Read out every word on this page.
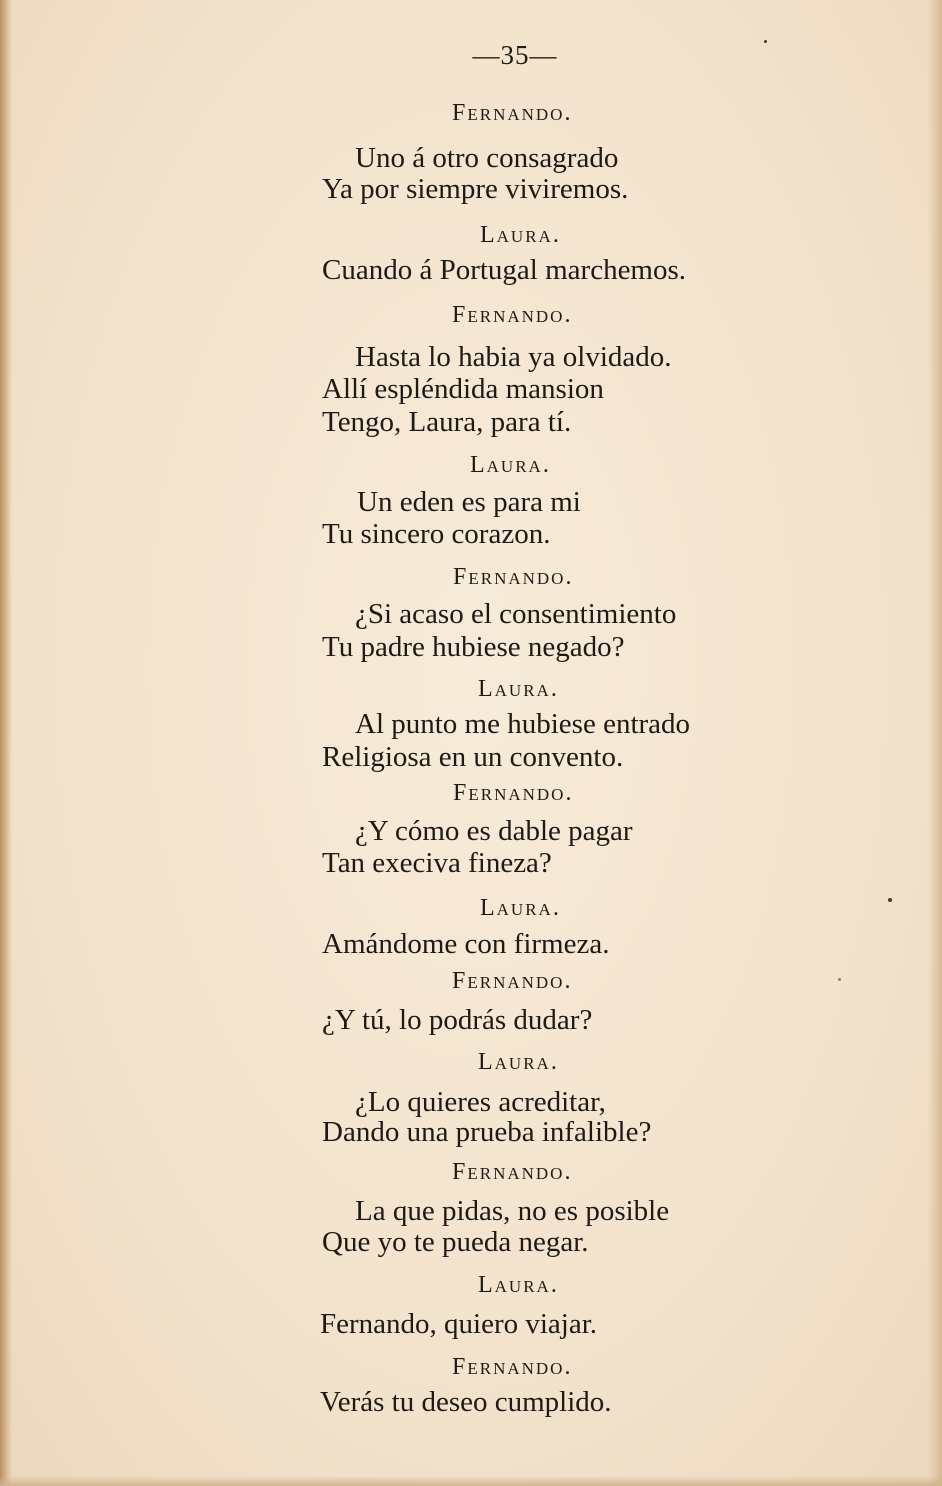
—35—
Fernando.
Uno á otro consagrado
Ya por siempre viviremos.
Laura.
Cuando á Portugal marchemos.
Fernando.
Hasta lo habia ya olvidado.
Allí espléndida mansion
Tengo, Laura, para tí.
Laura.
Un eden es para mi
Tu sincero corazon.
Fernando.
¿Si acaso el consentimiento
Tu padre hubiese negado?
Laura.
Al punto me hubiese entrado
Religiosa en un convento.
Fernando.
¿Y cómo es dable pagar
Tan execiva fineza?
Laura.
Amándome con firmeza.
Fernando.
¿Y tú, lo podrás dudar?
Laura.
¿Lo quieres acreditar,
Dando una prueba infalible?
Fernando.
La que pidas, no es posible
Que yo te pueda negar.
Laura.
Fernando, quiero viajar.
Fernando.
Verás tu deseo cumplido.
